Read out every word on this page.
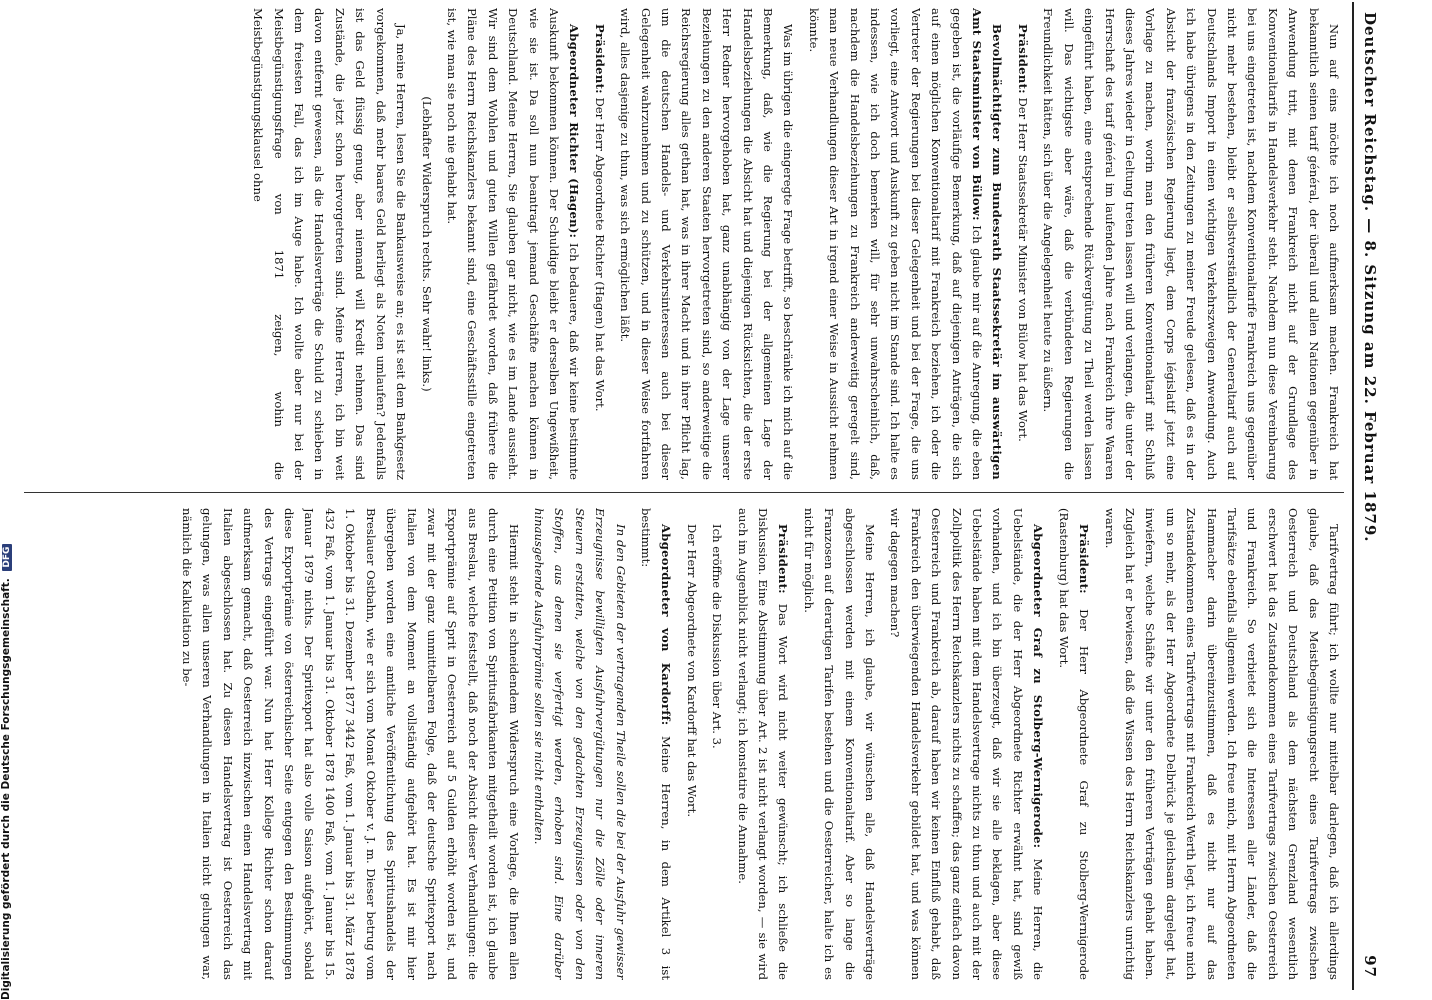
Deutscher Reichstag. — 8. Sitzung am 22. Februar 1879.
97

Nun auf eins möchte ich noch aufmerksam machen. Frankreich hat bekanntlich seinen tarif général, der überall und allen Nationen gegenüber in Anwendung tritt, mit denen Frankreich nicht auf der Grundlage des Konventionaltarifs in Handelsverkehr steht. Nachdem nun diese Vereinbarung bei uns eingetreten ist, nachdem Konventionaltarife Frankreich uns gegenüber nicht mehr bestehen, bleibt er selbstverständlich der Generaltarif auch auf Deutschlands Import in einen wichtigen Verkehrszweigen Anwendung. Auch ich habe übrigens in den Zeitungen zu meiner Freude gelesen, daß es in der Absicht der französischen Regierung liegt, dem Corps législatif jetzt eine Vorlage zu machen, worin man den früheren Konventionaltarif mit Schluß dieses Jahres wieder in Geltung treten lassen will und verlangen, die unter der Herrschaft des tarif général im laufenden Jahre nach Frankreich ihre Waaren eingeführt haben, eine entsprechende Rückvergütung zu Theil werden lassen will. Das wichtigste aber wäre, daß die verbündeten Regierungen die Freundlichkeit hätten, sich über die Angelegenheit heute zu äußern.

Präsident: Der Herr Staatssekretär Minister von Bülow hat das Wort.

Bevollmächtigter zum Bundesrath Staatssekretär im auswärtigen Amt Staatsminister von Bülow: Ich glaube mir auf die Anregung, die eben gegeben ist, die vorläufige Bemerkung, daß auf diejenigen Anträgen, die sich auf einen möglichen Konventionaltarif mit Frankreich beziehen, ich oder die Vertreter der Regierungen bei dieser Gelegenheit und bei der Frage, die uns vorliegt, eine Antwort und Auskunft zu geben nicht im Stande sind. Ich halte es indessen, wie ich doch bemerken will, für sehr unwahrscheinlich, daß, nachdem die Handelsbeziehungen zu Frankreich anderweitig geregelt sind, man neue Verhandlungen dieser Art in irgend einer Weise in Aussicht nehmen könnte.

Was im übrigen die eingeregte Frage betrifft, so beschränke ich mich auf die Bemerkung, daß, wie die Regierung bei der allgemeinen Lage der Handelsbeziehungen die Absicht hat und diejenigen Rücksichten, die der erste Herr Redner hervorgehoben hat, ganz unabhängig von der Lage unserer Beziehungen zu den anderen Staaten hervorgetreten sind, so anderweitige die Reichsregierung alles gethan hat, was in ihrer Macht und in ihrer Pflicht lag, um die deutschen Handels- und Verkehrsinteressen auch bei dieser Gelegenheit wahrzunehmen und zu schützen, und in dieser Weise fortfahren wird, alles dasjenige zu thun, was sich ermöglichen läßt.

Präsident: Der Herr Abgeordnete Richter (Hagen) hat das Wort.

Abgeordneter Richter (Hagen): Ich bedauere, daß wir keine bestimmte Auskunft bekommen können. Der Schuldige bleibt er derselben Ungewißheit, wie sie ist. Da soll nun beantragt jemand Geschäfte machen können in Deutschland. Meine Herren, Sie glauben gar nicht, wie es im Lande aussieht. Wir sind dem Wohlen und guten Willen gefährdet worden, daß frühere die Pläne des Herrn Reichskanzlers bekannt sind, eine Geschäftsstille eingetreten ist, wie man sie noch nie gehabt hat.

(Lebhafter Widerspruch rechts. Sehr wahr! links.)

Ja, meine Herren, lesen Sie die Bankausweise an; es ist seit dem Bankgesetz vorgekommen, daß mehr baares Geld herliegt als Noten umlaufen? Jedenfalls ist das Geld flüssig genug, aber niemand will Kredit nehmen. Das sind Zustände, die jetzt schon hervorgetreten sind. Meine Herren, ich bin weit davon entfernt gewesen, als die Handelsverträge die Schuld zu schieben in dem freiesten Fall, das ich im Auge habe. Ich wollte aber nur bei der Meistbegünstigungsfrage von 1871 zeigen, wohin die Meistbegünstigungsklausel ohne

Tarifvertrag führt; ich wollte nur mittelbar darlegen, daß ich allerdings glaube, daß das Meistbegünstigungsrecht eines Tarifvertrags zwischen Oesterreich und Deutschland als dem nächsten Grenzland wesentlich erschwert hat das Zustandekommen eines Tarifvertrags zwischen Oesterreich und Frankreich. So verbietet sich die Interessen aller Länder, daß die Tarifsätze ebenfalls allgemein werden. Ich freue mich, mit Herrn Abgeordneten Hammacher darin übereinzustimmen, daß es nicht nur auf das Zustandekommen eines Tarifvertrags mit Frankreich Werth legt, ich freue mich um so mehr, als der Herr Abgeordnete Delbrück je gleichsam dargelegt hat, inwiefern, welche Schäfte wir unter den früheren Verträgen gehabt haben. Zugleich hat er bewiesen, daß die Wissen des Herrn Reichskanzlers unrichtig waren.

Präsident: Der Herr Abgeordnete Graf zu Stolberg-Wernigerode (Rastenburg) hat das Wort.

Abgeordneter Graf zu Stolberg-Wernigerode: Meine Herren, die Uebelstände, die der Herr Abgeordnete Richter erwähnt hat, sind gewiß vorhanden, und ich bin überzeugt, daß wir sie alle beklagen, aber diese Uebelstände haben mit dem Handelsvertrage nichts zu thun und auch mit der Zollpolitik des Herrn Reichskanzlers nichts zu schaffen; das ganz einfach davon Oesterreich und Frankreich ab, darauf haben wir keinen Einfluß gehabt, daß Frankreich den überwiegenden Handelsverkehr gebildet hat, und was können wir dagegen machen?

Meine Herren, ich glaube, wir wünschen alle, daß Handelsverträge abgeschlossen werden mit einem Konventionaltarif. Aber so lange die Franzosen auf derartigen Tarifen bestehen und die Oesterreicher, halte ich es nicht für möglich.

Präsident: Das Wort wird nicht weiter gewünscht; ich schließe die Diskussion. Eine Abstimmung über Art. 2 ist nicht verlangt worden, — sie wird auch im Augenblick nicht verlangt; ich konstatire die Annahme.

Ich eröffne die Diskussion über Art. 3.

Der Herr Abgeordnete von Kardorff hat das Wort.

Abgeordneter von Kardorff: Meine Herren, in dem Artikel 3 ist bestimmt:

In den Gebieten der vertragenden Theile sollen die bei der Ausfuhr gewisser Erzeugnisse bewilligten Ausfuhrvergütungen nur die Zölle oder inneren Steuern erstatten, welche von den gedachten Erzeugnissen oder von den Stoffen, aus denen sie verfertigt werden, erhoben sind. Eine darüber hinausgehende Ausfuhrprämie sollen sie nicht enthalten.

Hiermit steht in schneidendem Widerspruch eine Vorlage, die Ihnen allen durch eine Petition von Spiritusfabrikanten mitgetheilt worden ist, ich glaube aus Breslau, welche feststellt, daß noch der Absicht dieser Verhandlungen: die Exportprämie auf Sprit in Oesterreich auf 5 Gulden erhöht worden ist, und zwar mit der ganz unmittelbaren Folge, daß der deutsche Spritexport nach Italien von dem Moment an vollständig aufgehört hat. Es ist mir hier übergeben worden eine amtliche Veröffentlichung des Spiritushandels der Breslauer Ostbahn, wie er sich vom Monat Oktober v. J. m. Dieser betrug vom 1. Oktober bis 31. Dezember 1877 3442 Faß, vom 1. Januar bis 31. März 1878 432 Faß, vom 1. Januar bis 31. Oktober 1878 1400 Faß, vom 1. Januar bis 15. Januar 1879 nichts. Der Spritexport hat also volle Saison aufgehört, sobald diese Exportprämie von österreichischer Seite entgegen den Bestimmungen des Vertrags eingeführt war. Nun hat Herr Kollege Richter schon darauf aufmerksam gemacht, daß Oesterreich inzwischen einen Handelsvertrag mit Italien abgeschlossen hat. Zu diesen Handelsvertrag ist Oesterreich das gelungen, was allen unseren Verhandlungen in Italien nicht gelungen war, nämlich die Kalkulation zu be-

Digitalisierung gefördert durch die Deutsche Forschungsgemeinschaft. DFG
